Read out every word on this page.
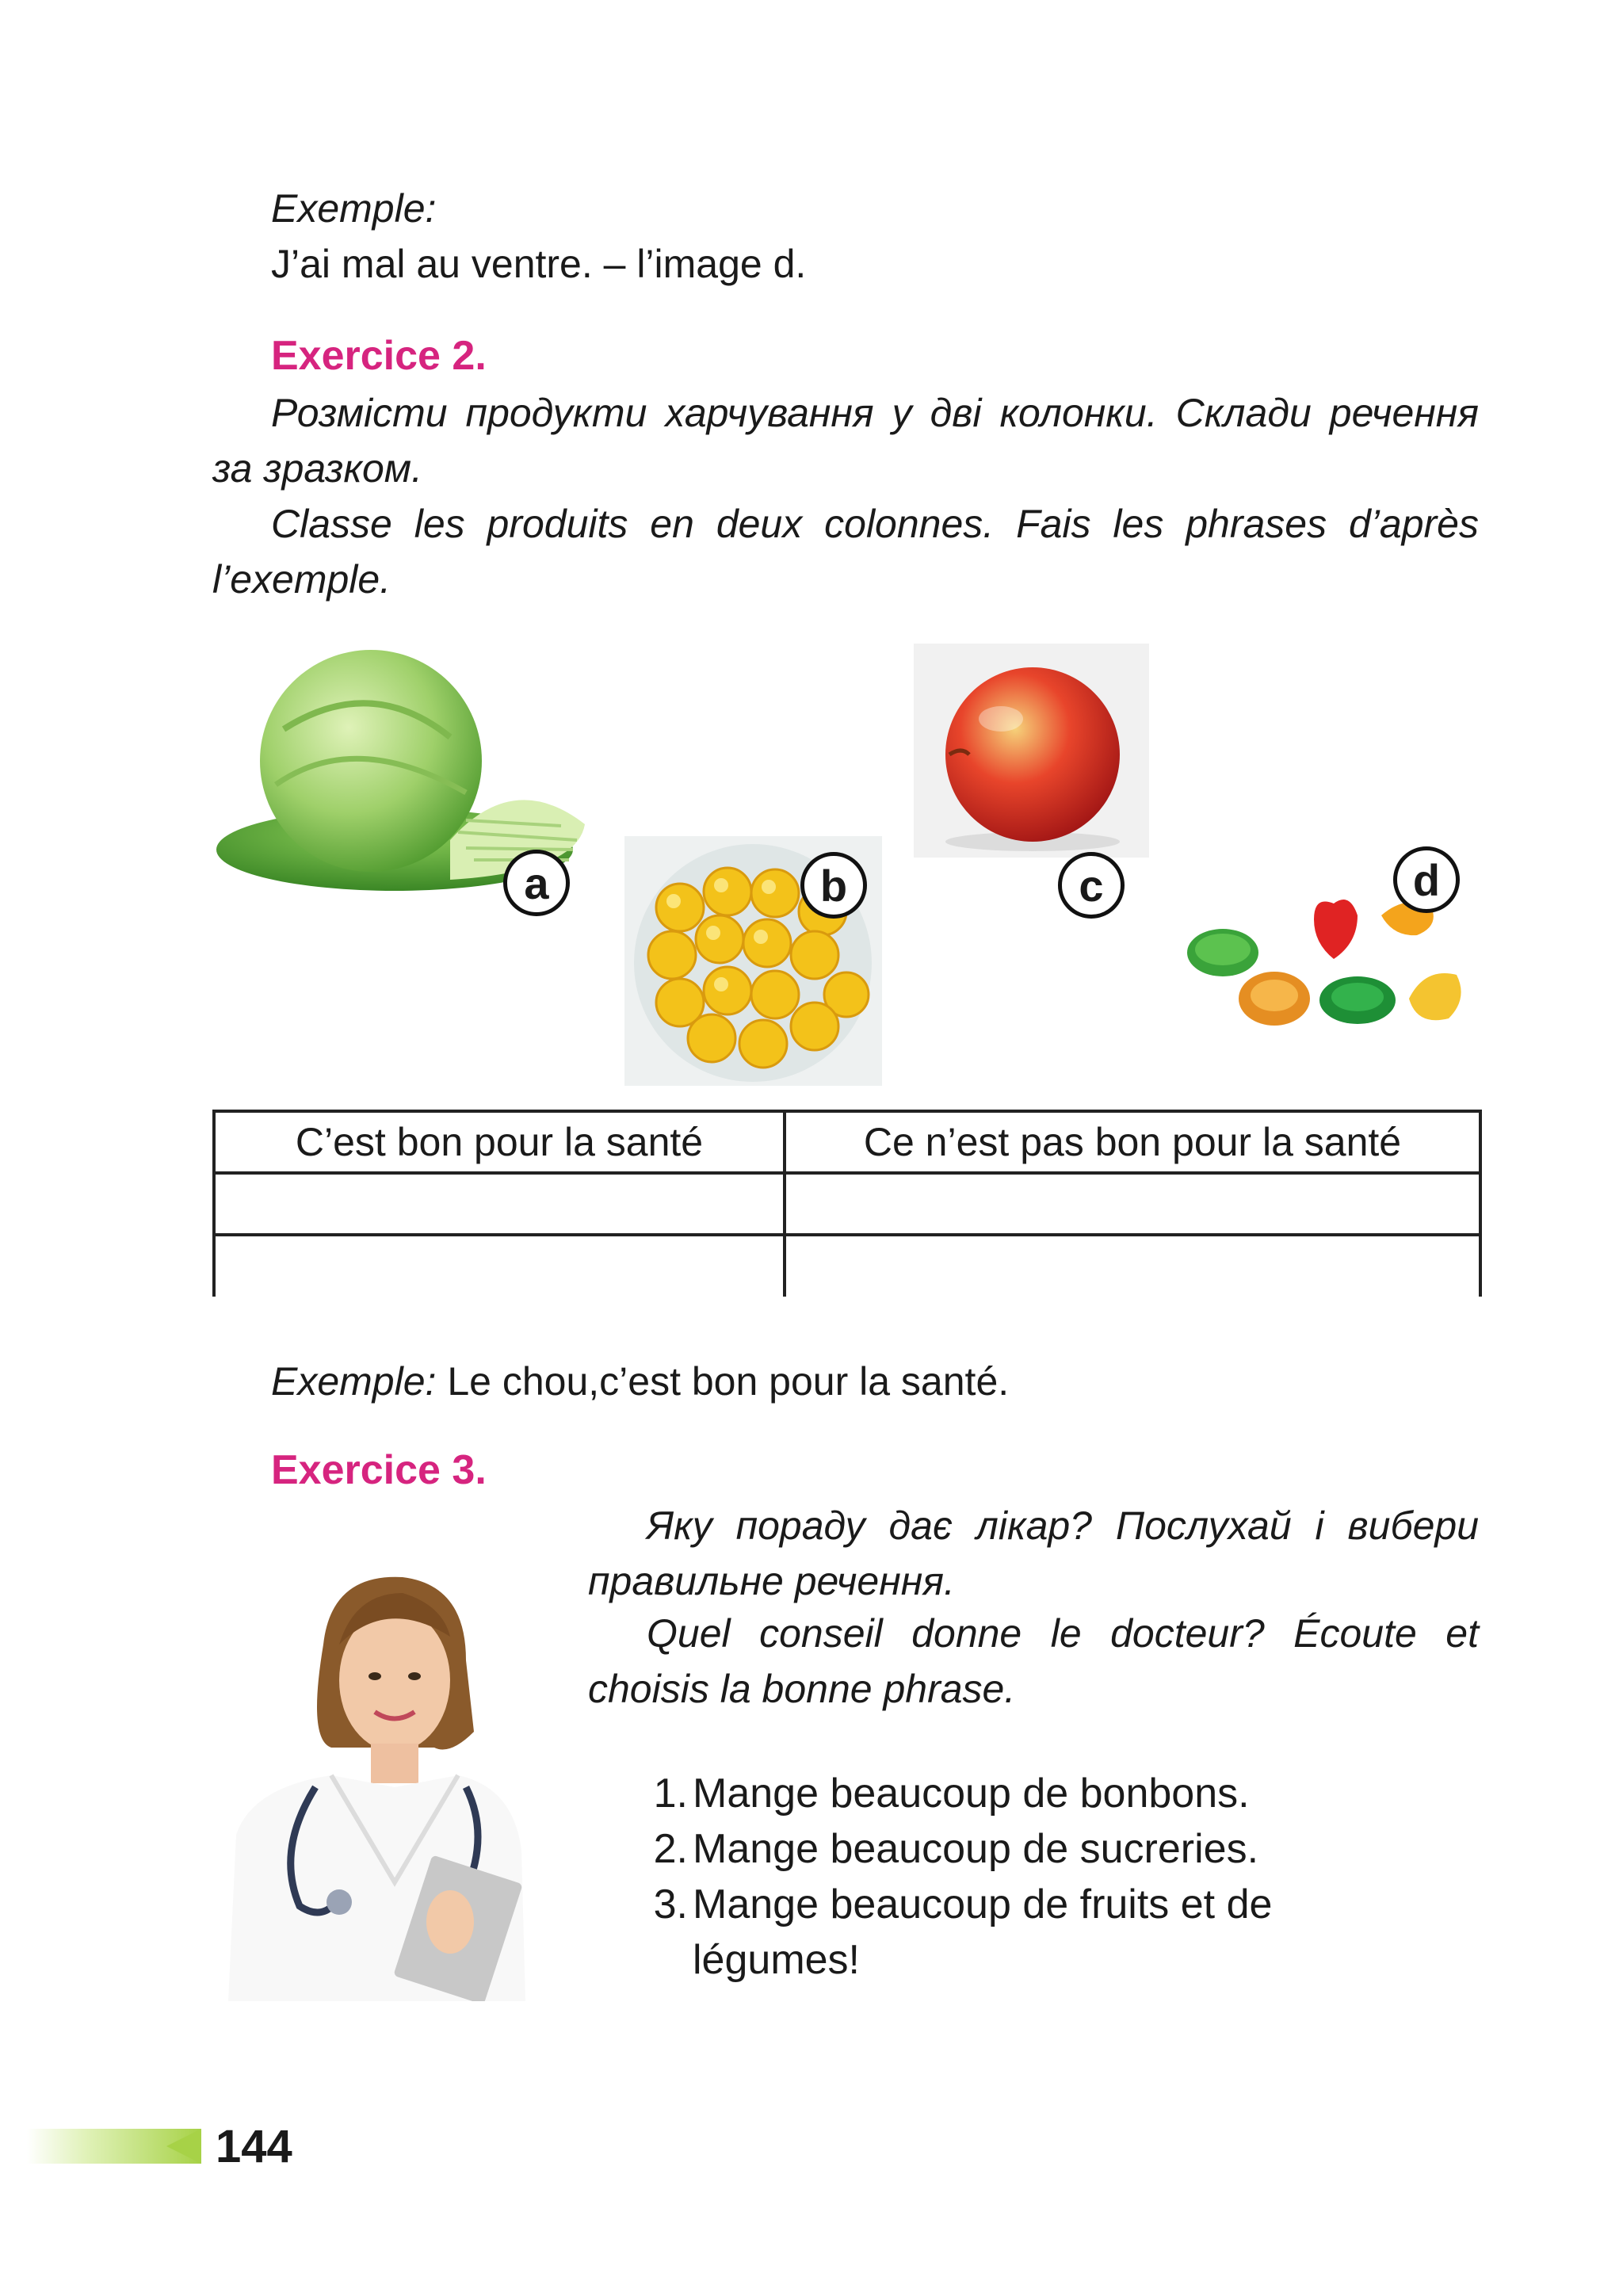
Exemple:

J’ai mal au ventre. – l’image d.

Exercice 2.

Розмісти продукти харчування у дві колонки. Склади речення за зразком.

Classe les produits en deux colonnes. Fais les phrases d’après l’exemple.

a	b	c	d
C’est bon pour la santé	Ce n’est pas bon pour la santé

Exemple: Le chou,c’est bon pour la santé.

Exercice 3.

Яку пораду дає лікар? Послухай і вибери правильне речення.

Quel conseil donne le docteur? Écoute et choisis la bonne phrase.

1. Mange beaucoup de bonbons.
2. Mange beaucoup de sucreries.
3. Mange beaucoup de fruits et de légumes!
144
